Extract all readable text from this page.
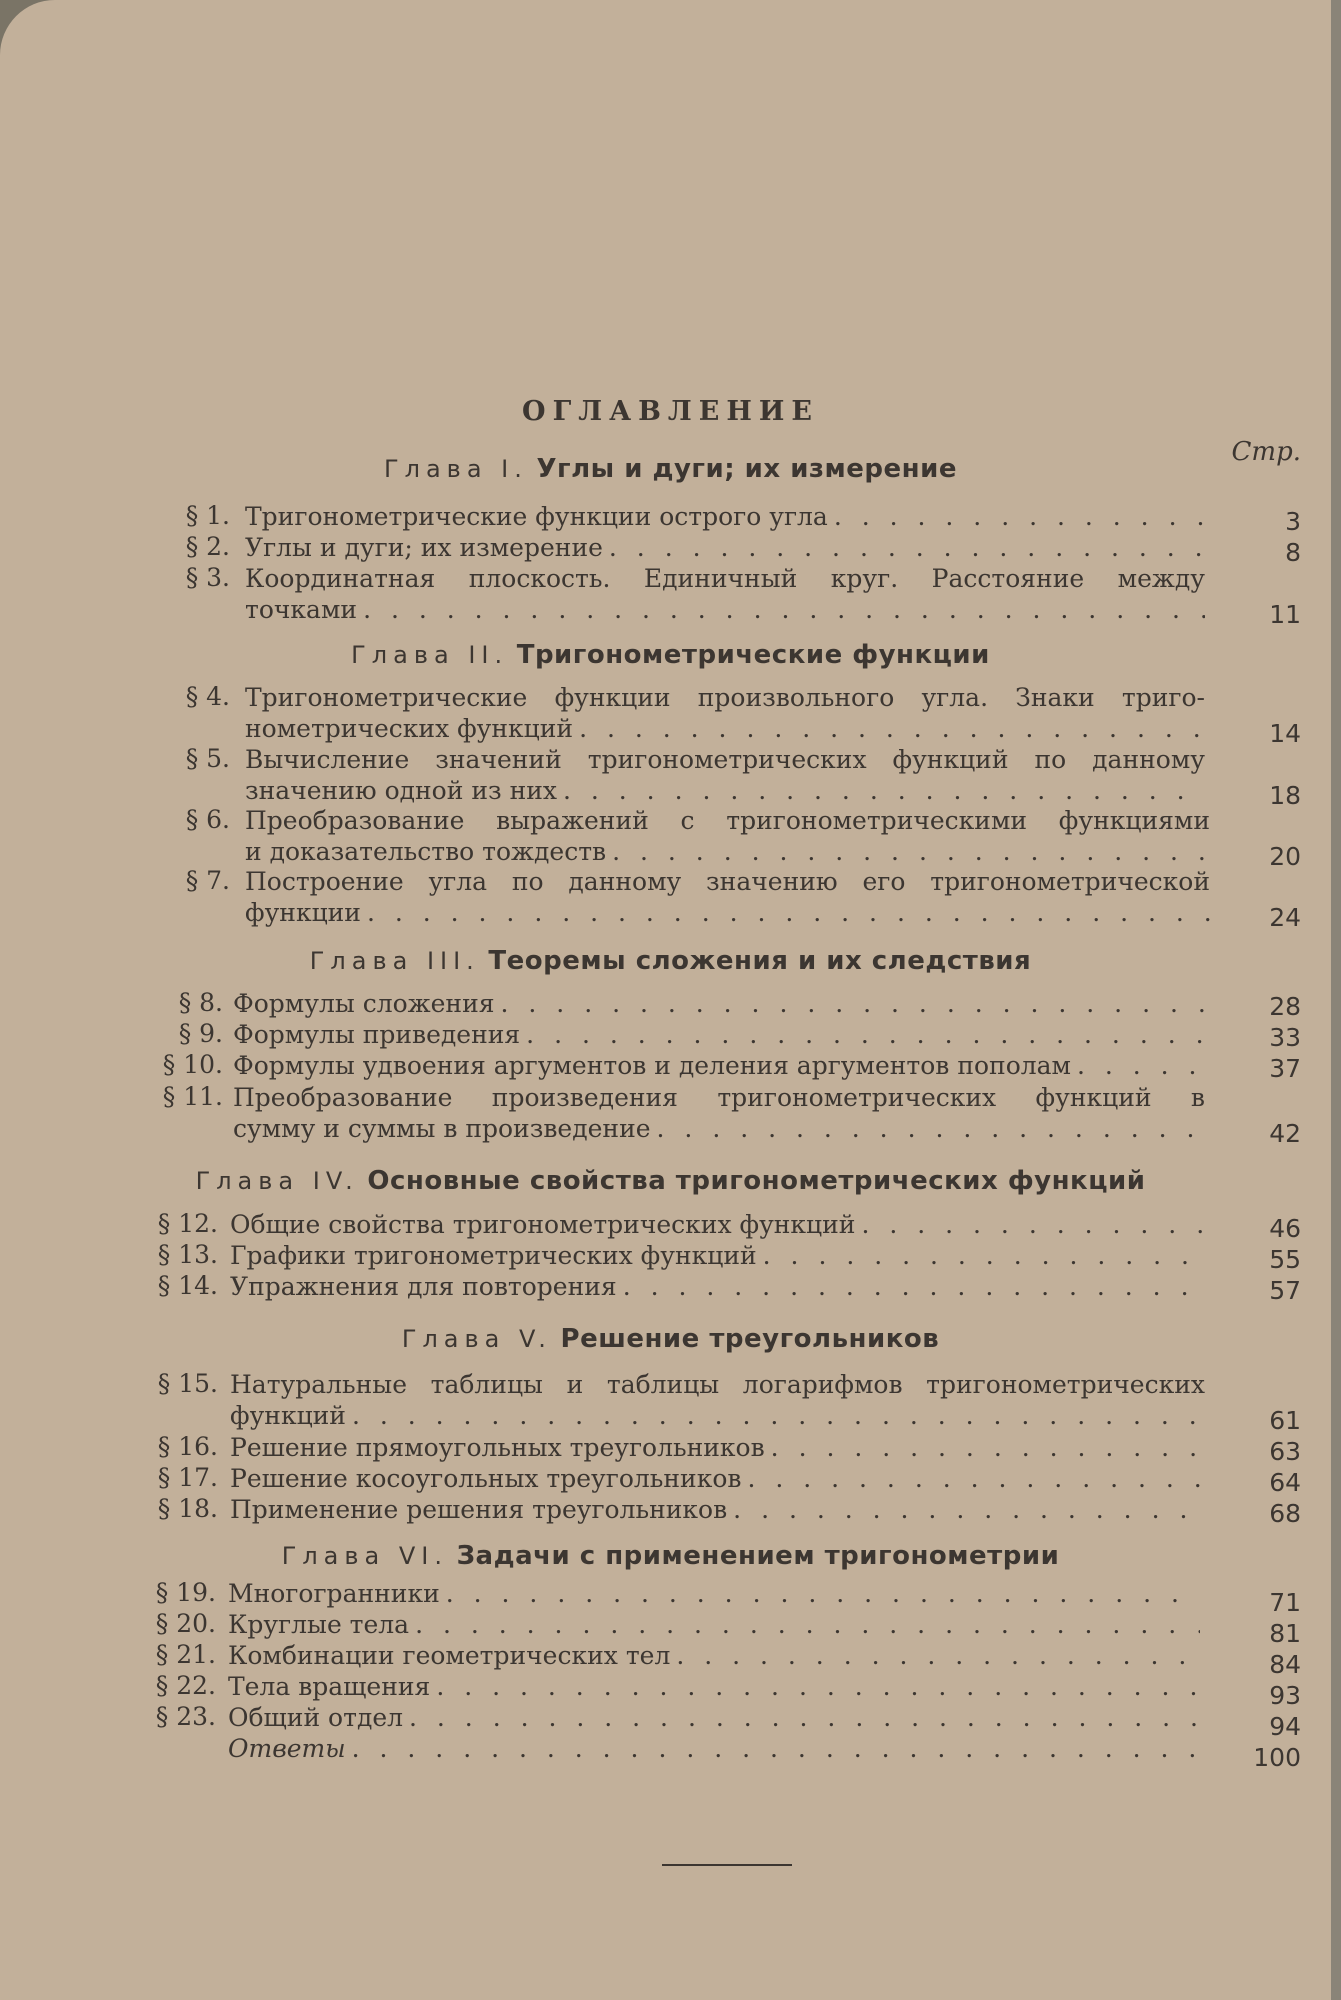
ОГЛАВЛЕНИЕ
Стр.
Глава I. Углы и дуги; их измерение
§ 1. Тригонометрические функции острого угла . . .	3
§ 2. Углы и дуги; их измерение . . .	8
§ 3. Координатная плоскость. Единичный круг. Расстояние между
точками . . .	11
Глава II. Тригонометрические функции
§ 4. Тригонометрические функции произвольного угла. Знаки триго-
нометрических функций . . .	14
§ 5. Вычисление значений тригонометрических функций по данному
значению одной из них . . .	18
§ 6. Преобразование выражений с тригонометрическими функциями
и доказательство тождеств . . .	20
§ 7. Построение угла по данному значению его тригонометрической
функции . . .	24
Глава III. Теоремы сложения и их следствия
§ 8. Формулы сложения . . .	28
§ 9. Формулы приведения . . .	33
§ 10. Формулы удвоения аргументов и деления аргументов пополам . . .	37
§ 11. Преобразование произведения тригонометрических функций в
сумму и суммы в произведение . . .	42
Глава IV. Основные свойства тригонометрических функций
§ 12. Общие свойства тригонометрических функций . . .	46
§ 13. Графики тригонометрических функций . . .	55
§ 14. Упражнения для повторения . . .	57
Глава V. Решение треугольников
§ 15. Натуральные таблицы и таблицы логарифмов тригонометрических
функций . . .	61
§ 16. Решение прямоугольных треугольников . . .	63
§ 17. Решение косоугольных треугольников . . .	64
§ 18. Применение решения треугольников . . .	68
Глава VI. Задачи с применением тригонометрии
§ 19. Многогранники . . .	71
§ 20. Круглые тела . . .	81
§ 21. Комбинации геометрических тел . . .	84
§ 22. Тела вращения . . .	93
§ 23. Общий отдел . . .	94
Ответы . . .	100
